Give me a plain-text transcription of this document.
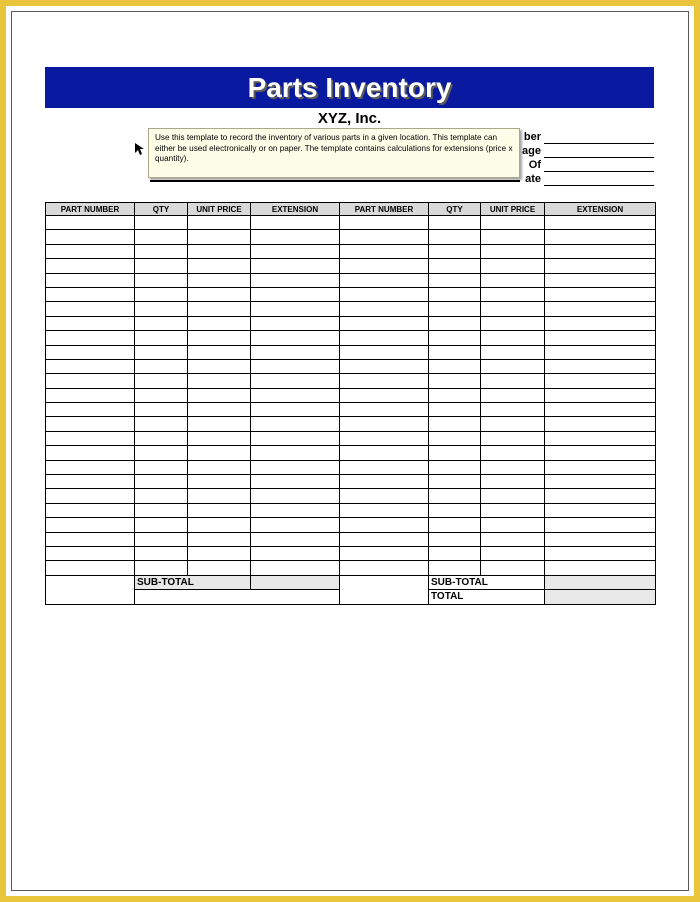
Parts Inventory
XYZ, Inc.
ber
age
Of
ate
Use this template to record the inventory of various parts in a given location. This template can either be used electronically or on paper. The template contains calculations for extensions (price x quantity).
PART NUMBER	QTY	UNIT PRICE	EXTENSION	PART NUMBER	QTY	UNIT PRICE	EXTENSION

	SUB-TOTAL				SUB-TOTAL		
					TOTAL		
